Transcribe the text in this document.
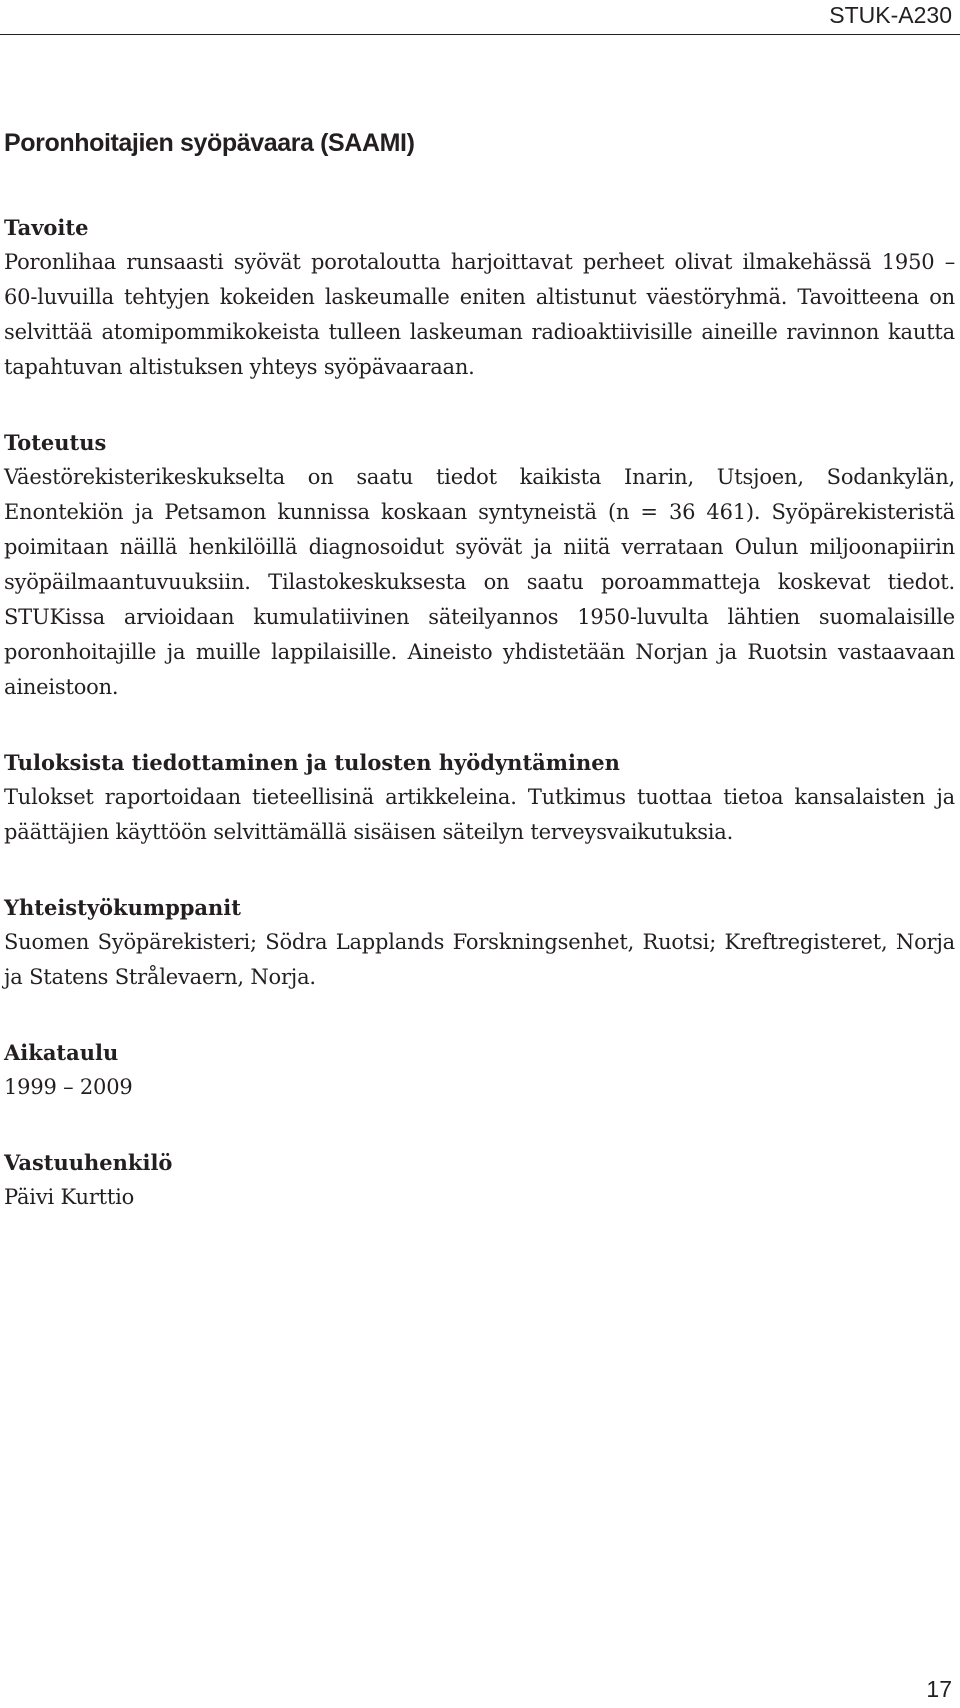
STUK-A230
Poronhoitajien syöpävaara (SAAMI)
Tavoite

Poronlihaa runsaasti syövät porotaloutta harjoittavat perheet olivat ilmakehässä 1950 – 60-luvuilla tehtyjen kokeiden laskeumalle eniten altistunut väestöryhmä. Tavoitteena on selvittää atomipommikokeista tulleen laskeuman radioaktiivisille aineille ravinnon kautta tapahtuvan altistuksen yhteys syöpävaaraan.

Toteutus

Väestörekisterikeskukselta on saatu tiedot kaikista Inarin, Utsjoen, Sodankylän, Enontekiön ja Petsamon kunnissa koskaan syntyneistä (n = 36 461). Syöpärekisteristä poimitaan näillä henkilöillä diagnosoidut syövät ja niitä verrataan Oulun miljoonapiirin syöpäilmaantuvuuksiin. Tilastokeskuksesta on saatu poroammatteja koskevat tiedot. STUKissa arvioidaan kumulatiivinen säteilyannos 1950-luvulta lähtien suomalaisille poronhoitajille ja muille lappilaisille. Aineisto yhdistetään Norjan ja Ruotsin vastaavaan aineistoon.

Tuloksista tiedottaminen ja tulosten hyödyntäminen

Tulokset raportoidaan tieteellisinä artikkeleina. Tutkimus tuottaa tietoa kansalaisten ja päättäjien käyttöön selvittämällä sisäisen säteilyn terveysvaikutuksia.

Yhteistyökumppanit

Suomen Syöpärekisteri; Södra Lapplands Forskningsenhet, Ruotsi; Kreftregisteret, Norja ja Statens Strålevaern, Norja.

Aikataulu

1999 – 2009

Vastuuhenkilö

Päivi Kurttio

17
